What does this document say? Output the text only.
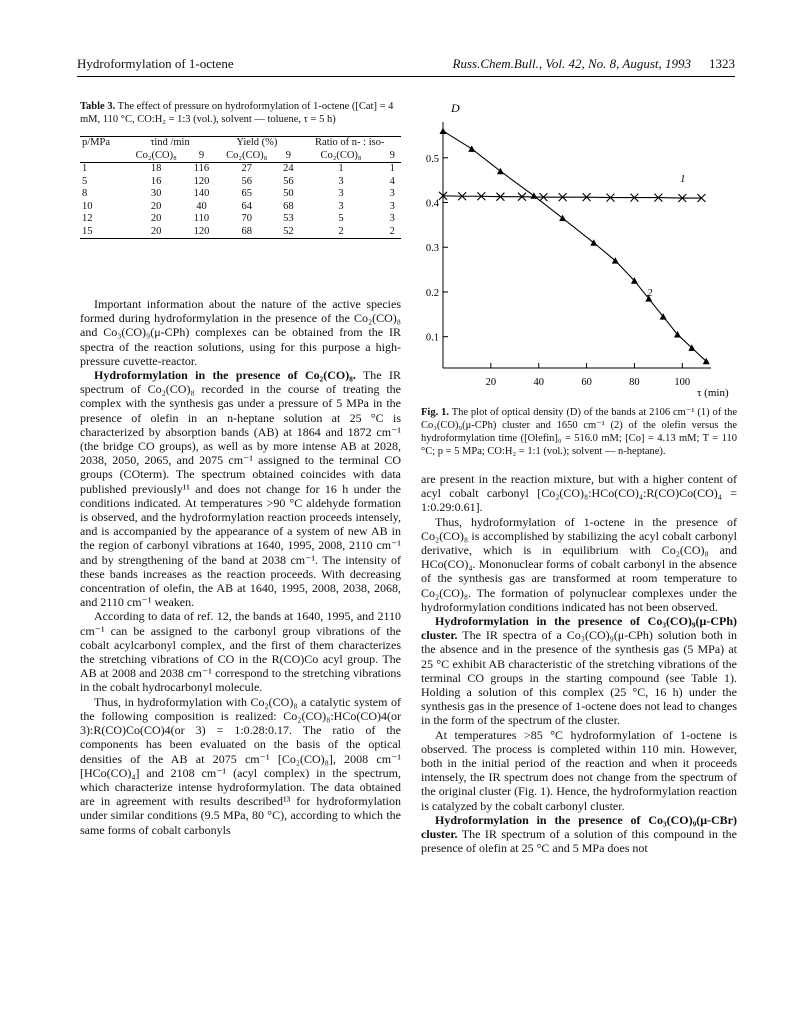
Hydroformylation of 1-octene	Russ.Chem.Bull., Vol. 42, No. 8, August, 1993 1323
Table 3. The effect of pressure on hydroformylation of 1-octene ([Cat] = 4 mM, 110 °C, CO:H₂ = 1:3 (vol.), solvent — toluene, τ = 5 h)
p/MPa	τind /min		Yield (%)		Ratio of n- : iso-	

	Co₂(CO)₈	9	Co₂(CO)₈	9	Co₂(CO)₈	9
1	18	116	27	24	1	1
5	16	120	56	56	3	4
8	30	140	65	50	3	3
10	20	40	64	68	3	3
12	20	110	70	53	5	3
15	20	120	68	52	2	2

Important information about the nature of the active species formed during hydroformylation in the presence of the Co₂(CO)₈ and Co₃(CO)₉(μ-CPh) complexes can be obtained from the IR spectra of the reaction solutions, using for this purpose a high-pressure cuvette-reactor.

Hydroformylation in the presence of Co₂(CO)₈. The IR spectrum of Co₂(CO)₈ recorded in the course of treating the complex with the synthesis gas under a pressure of 5 MPa in the presence of olefin in an n-heptane solution at 25 °C is characterized by absorption bands (AB) at 1864 and 1872 cm⁻¹ (the bridge CO groups), as well as by more intense AB at 2028, 2038, 2050, 2065, and 2075 cm⁻¹ assigned to the terminal CO groups (COterm). The spectrum obtained coincides with data published previously¹¹ and does not change for 16 h under the conditions indicated. At temperatures >90 °C aldehyde formation is observed, and the hydroformylation reaction proceeds intensely, and is accompanied by the appearance of a system of new AB in the region of carbonyl vibrations at 1640, 1995, 2008, 2110 cm⁻¹ and by strengthening of the band at 2038 cm⁻¹. The intensity of these bands increases as the reaction proceeds. With decreasing concentration of olefin, the AB at 1640, 1995, 2008, 2038, 2068, and 2110 cm⁻¹ weaken.

According to data of ref. 12, the bands at 1640, 1995, and 2110 cm⁻¹ can be assigned to the carbonyl group vibrations of the cobalt acylcarbonyl complex, and the first of them characterizes the stretching vibrations of CO in the R(CO)Co acyl group. The AB at 2008 and 2038 cm⁻¹ correspond to the stretching vibrations in the cobalt hydrocarbonyl molecule.

Thus, in hydroformylation with Co₂(CO)₈ a catalytic system of the following composition is realized: Co₂(CO)₈:HCo(CO)4(or 3):R(CO)Co(CO)4(or 3) = 1:0.28:0.17. The ratio of the components has been evaluated on the basis of the optical densities of the AB at 2075 cm⁻¹ [Co₂(CO)₈], 2008 cm⁻¹ [HCo(CO)₄] and 2108 cm⁻¹ (acyl complex) in the spectrum, which characterize intense hydroformylation. The data obtained are in agreement with results described¹³ for hydroformylation under similar conditions (9.5 MPa, 80 °C), according to which the same forms of cobalt carbonyls

D
0.1
0.2
0.3
0.4
0.5
20	40	60	80	100
τ (min)
1
2
Fig. 1. The plot of optical density (D) of the bands at 2106 cm⁻¹ (1) of the Co₃(CO)₉(μ-CPh) cluster and 1650 cm⁻¹ (2) of the olefin versus the hydroformylation time ([Olefin]₀ = 516.0 mM; [Co] = 4.13 mM; T = 110 °C; p = 5 MPa; CO:H₂ = 1:1 (vol.); solvent — n-heptane).

are present in the reaction mixture, but with a higher content of acyl cobalt carbonyl [Co₂(CO)₈:HCo(CO)₄:R(CO)Co(CO)₄ = 1:0.29:0.61].

Thus, hydroformylation of 1-octene in the presence of Co₂(CO)₈ is accomplished by stabilizing the acyl cobalt carbonyl derivative, which is in equilibrium with Co₂(CO)₈ and HCo(CO)₄. Mononuclear forms of cobalt carbonyl in the absence of the synthesis gas are transformed at room temperature to Co₂(CO)₈. The formation of polynuclear complexes under the hydroformylation conditions indicated has not been observed.

Hydroformylation in the presence of Co₃(CO)₉(μ-CPh) cluster. The IR spectra of a Co₃(CO)₉(μ-CPh) solution both in the absence and in the presence of the synthesis gas (5 MPa) at 25 °C exhibit AB characteristic of the stretching vibrations of the terminal CO groups in the starting compound (see Table 1). Holding a solution of this complex (25 °C, 16 h) under the synthesis gas in the presence of 1-octene does not lead to changes in the form of the spectrum of the cluster.

At temperatures >85 °C hydroformylation of 1-octene is observed. The process is completed within 110 min. However, both in the initial period of the reaction and when it proceeds intensely, the IR spectrum does not change from the spectrum of the original cluster (Fig. 1). Hence, the hydroformylation reaction is catalyzed by the cobalt carbonyl cluster.

Hydroformylation in the presence of Co₃(CO)₉(μ-CBr) cluster. The IR spectrum of a solution of this compound in the presence of olefin at 25 °C and 5 MPa does not
